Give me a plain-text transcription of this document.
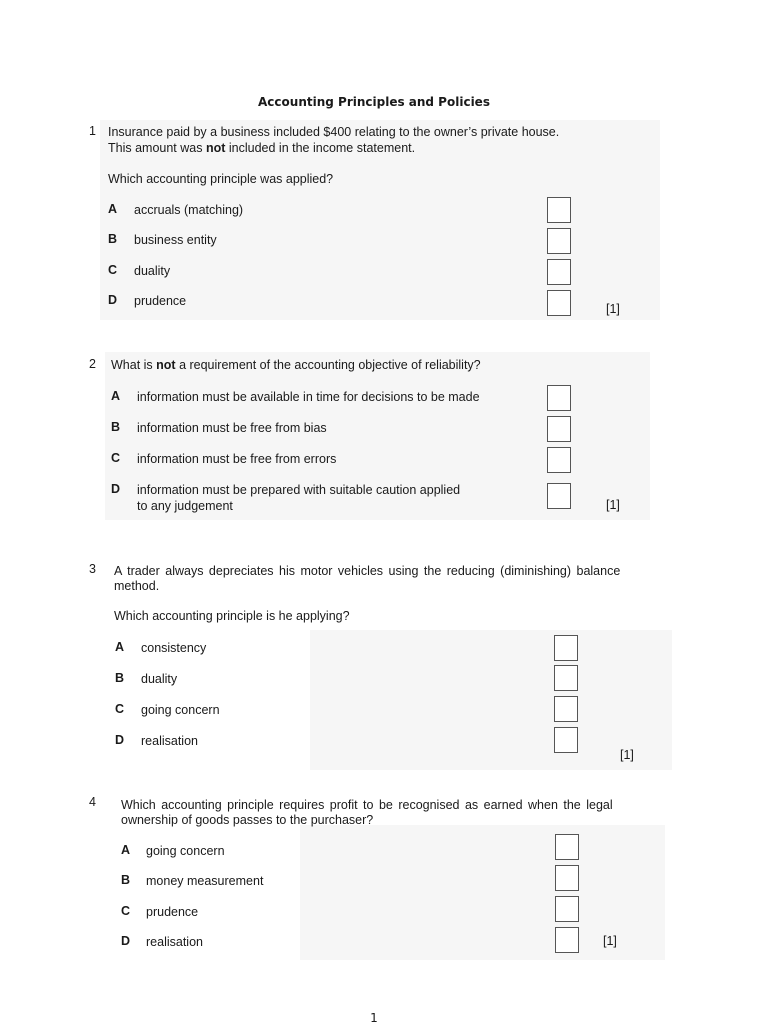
Accounting Principles and Policies
1 Insurance paid by a business included $400 relating to the owner’s private house.
This amount was not included in the income statement.
Which accounting principle was applied?
A accruals (matching)
B business entity
C duality
D prudence
[1]
2 What is not a requirement of the accounting objective of reliability?
A information must be available in time for decisions to be made
B information must be free from bias
C information must be free from errors
D information must be prepared with suitable caution applied
to any judgement	[1]
3 A trader always depreciates his motor vehicles using the reducing (diminishing) balance
method.
Which accounting principle is he applying?
A consistency
B duality
C going concern
D realisation
[1]
4 Which accounting principle requires profit to be recognised as earned when the legal
ownership of goods passes to the purchaser?
A going concern
B money measurement
C prudence
D realisation	[1]
1
